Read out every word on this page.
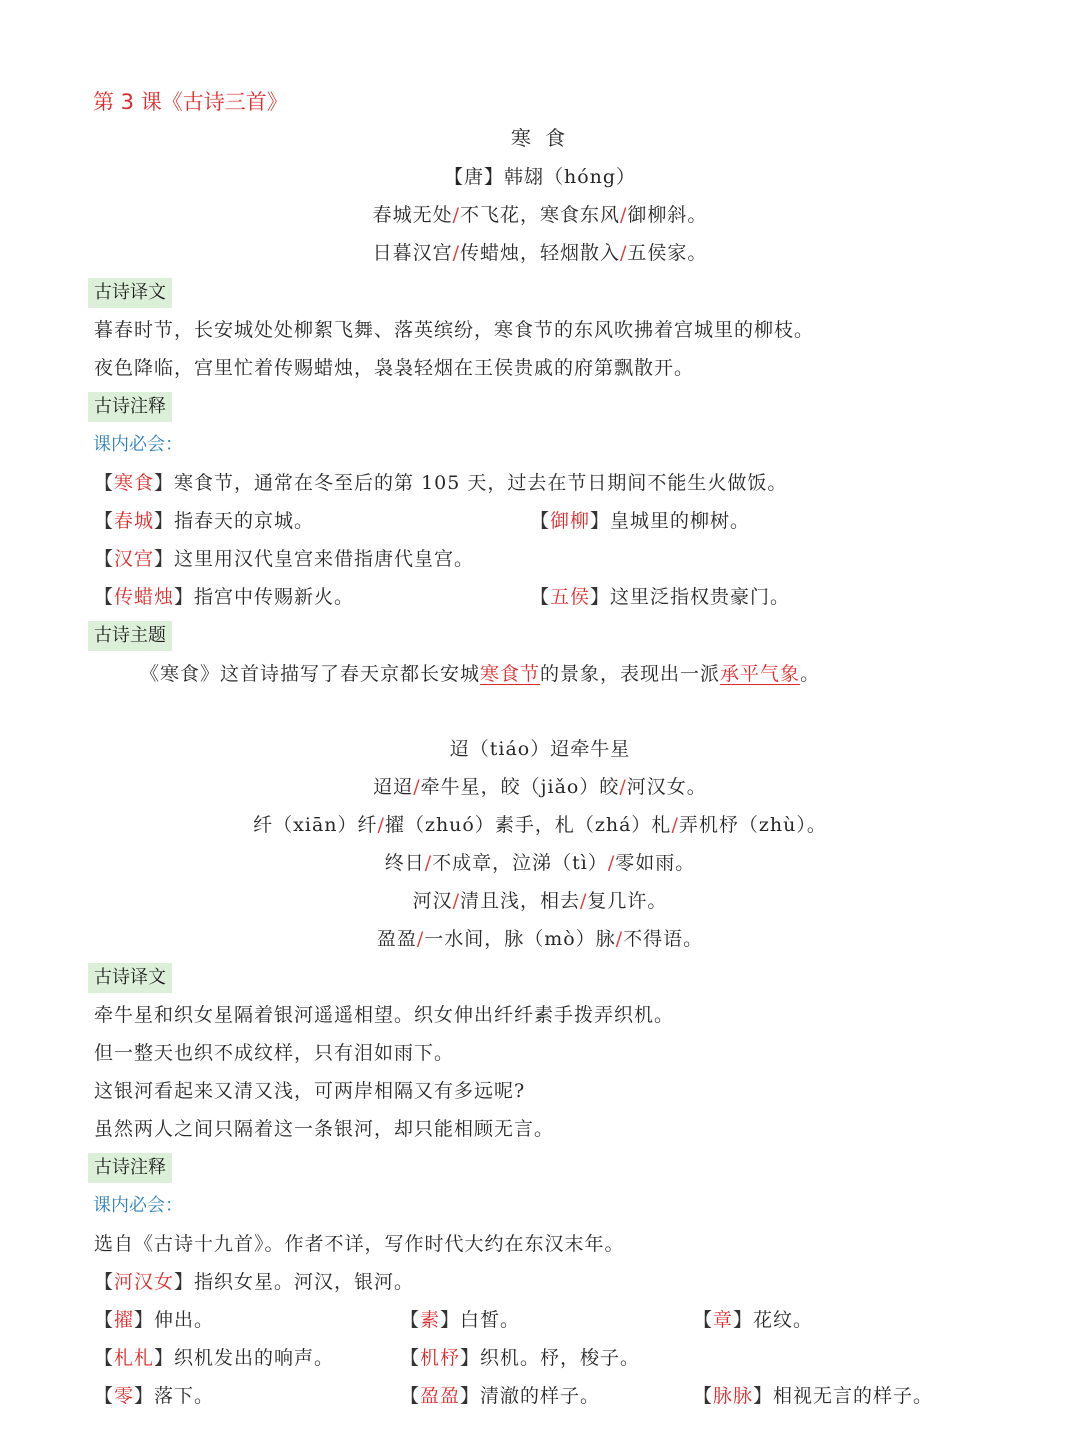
第 3 课《古诗三首》
寒 食
【唐】韩翃（hóng）
春城无处/不飞花，寒食东风/御柳斜。
日暮汉宫/传蜡烛，轻烟散入/五侯家。
古诗译文
暮春时节，长安城处处柳絮飞舞、落英缤纷，寒食节的东风吹拂着宫城里的柳枝。
夜色降临，宫里忙着传赐蜡烛，袅袅轻烟在王侯贵戚的府第飘散开。
古诗注释
课内必会：
【寒食】寒食节，通常在冬至后的第 105 天，过去在节日期间不能生火做饭。
【春城】指春天的京城。	【御柳】皇城里的柳树。
【汉宫】这里用汉代皇宫来借指唐代皇宫。
【传蜡烛】指宫中传赐新火。	【五侯】这里泛指权贵豪门。
古诗主题
《寒食》这首诗描写了春天京都长安城寒食节的景象，表现出一派承平气象。
迢（tiáo）迢牵牛星
迢迢/牵牛星，皎（jiǎo）皎/河汉女。
纤（xiān）纤/擢（zhuó）素手，札（zhá）札/弄机杼（zhù）。
终日/不成章，泣涕（tì）/零如雨。
河汉/清且浅，相去/复几许。
盈盈/一水间，脉（mò）脉/不得语。
古诗译文
牵牛星和织女星隔着银河遥遥相望。织女伸出纤纤素手拨弄织机。
但一整天也织不成纹样，只有泪如雨下。
这银河看起来又清又浅，可两岸相隔又有多远呢?
虽然两人之间只隔着这一条银河，却只能相顾无言。
古诗注释
课内必会：
选自《古诗十九首》。作者不详，写作时代大约在东汉末年。
【河汉女】指织女星。河汉，银河。
【擢】伸出。	【素】白皙。	【章】花纹。
【札札】织机发出的响声。	【机杼】织机。杼，梭子。
【零】落下。	【盈盈】清澈的样子。	【脉脉】相视无言的样子。
